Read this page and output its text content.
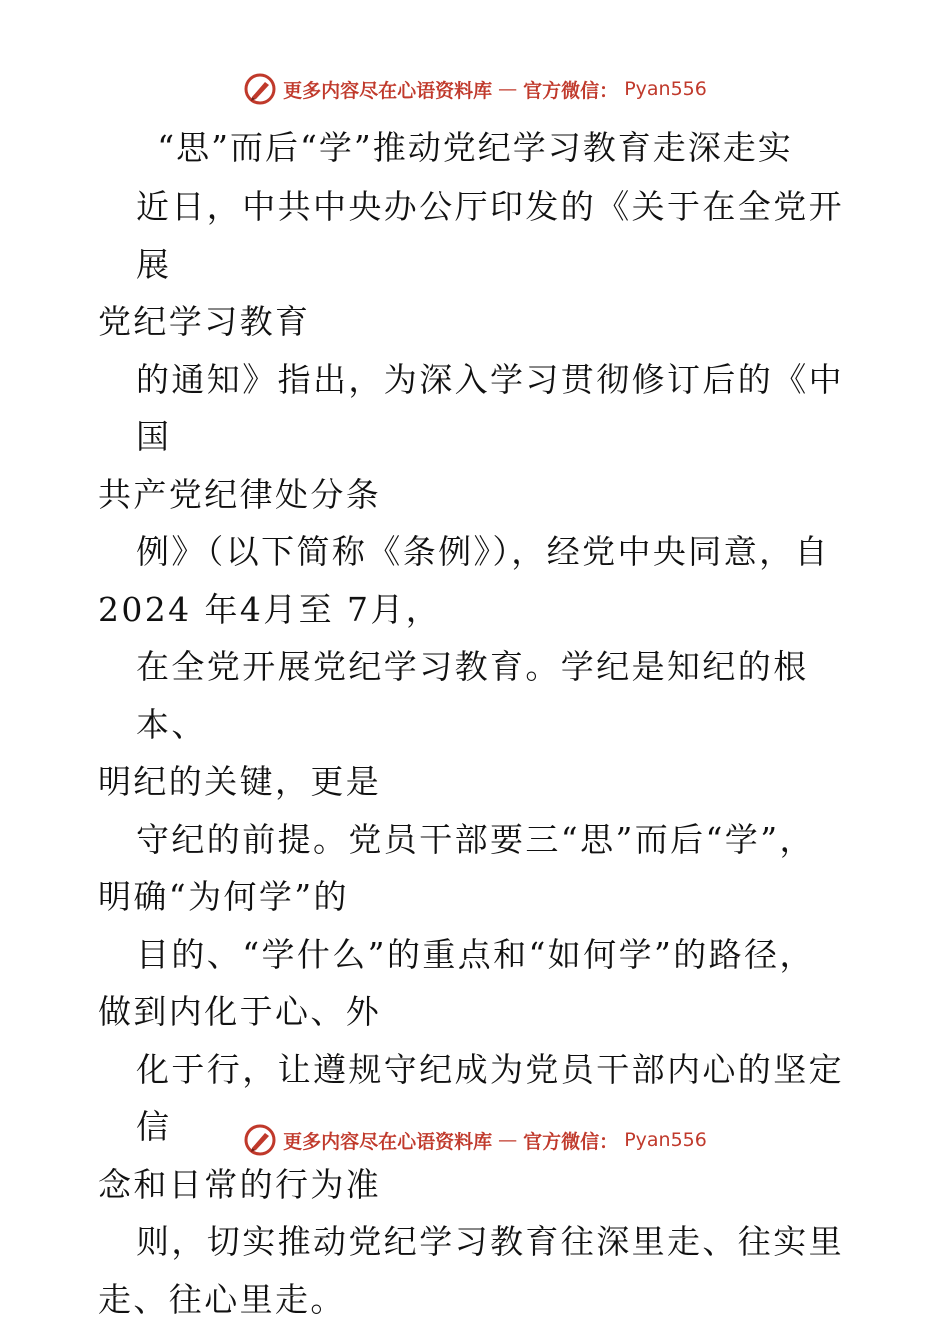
更多内容尽在心语资料库 — 官方微信： Pyan556
“思”而后“学”推动党纪学习教育走深走实

近日，中共中央办公厅印发的《关于在全党开展
党纪学习教育

的通知》指出，为深入学习贯彻修订后的《中国
共产党纪律处分条

例》（以下简称《条例》），经党中央同意，自
2024 年4月至 7月，

在全党开展党纪学习教育。学纪是知纪的根本、
明纪的关键，更是

守纪的前提。党员干部要三“思”而后“学”，
明确“为何学”的

目的、“学什么”的重点和“如何学”的路径，
做到内化于心、外

化于行，让遵规守纪成为党员干部内心的坚定信
念和日常的行为准

则，切实推动党纪学习教育往深里走、往实里
走、往心里走。

更多内容尽在心语资料库 — 官方微信： Pyan556
